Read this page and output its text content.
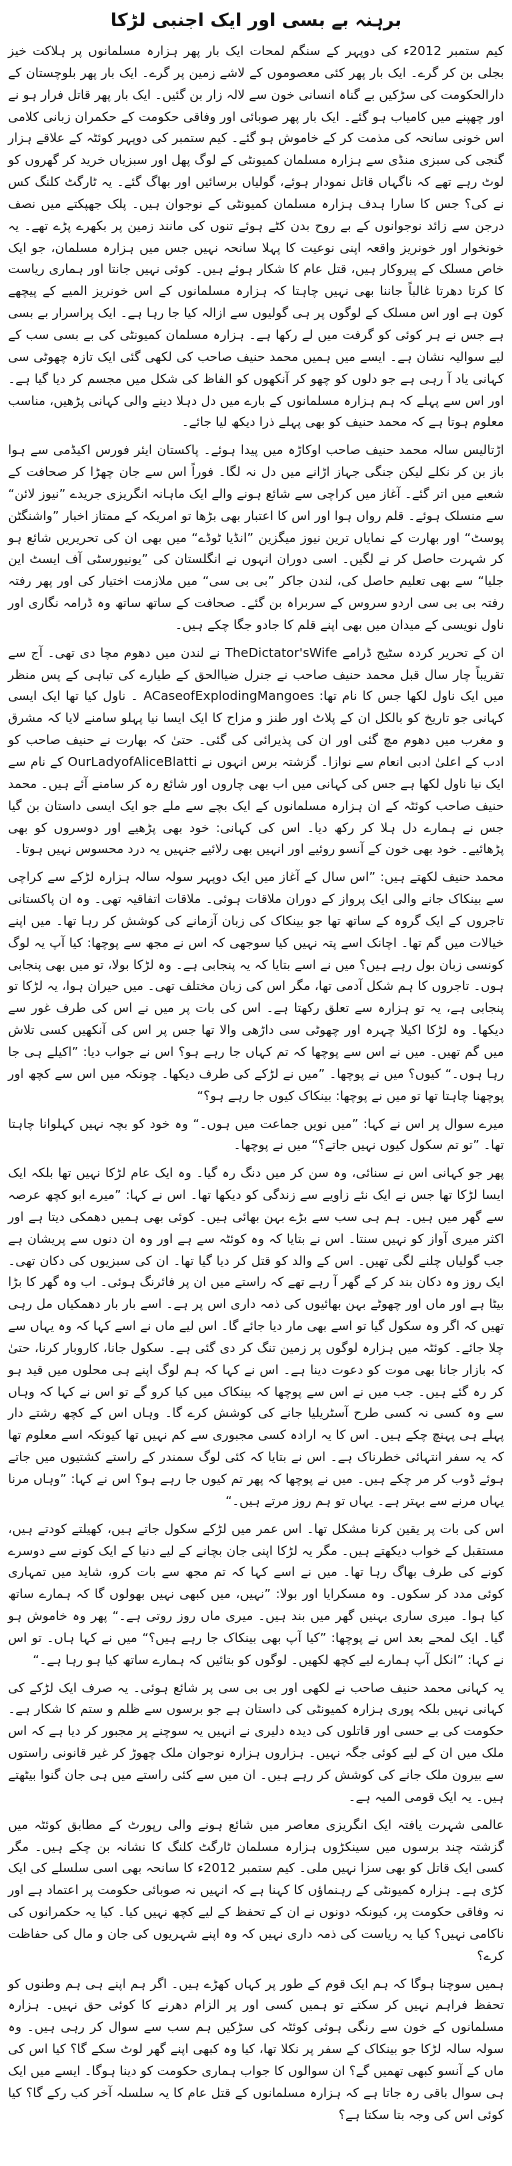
برہنہ بے بسی اور ایک اجنبی لڑکا

کیم ستمبر 2012ء کی دوپہر کے سنگم لمحات ایک بار پھر ہزارہ مسلمانوں پر ہلاکت خیز بجلی بن کر گرے۔ ایک بار پھر کئی معصوموں کے لاشے زمین پر گرے۔ ایک بار پھر بلوچستان کے دارالحکومت کی سڑکیں بے گناہ انسانی خون سے لالہ زار بن گئیں۔ ایک بار پھر قاتل فرار ہو نے اور چھپنے میں کامیاب ہو گئے۔ ایک بار پھر صوبائی اور وفاقی حکومت کے حکمران زبانی کلامی اس خونی سانحہ کی مذمت کر کے خاموش ہو گئے۔ کیم ستمبر کی دوپہر کوئٹہ کے علاقے ہزار گنجی کی سبزی منڈی سے ہزارہ مسلمان کمیونٹی کے لوگ پھل اور سبزیاں خرید کر گھروں کو لوٹ رہے تھے کہ ناگہاں قاتل نمودار ہوئے، گولیاں برسائیں اور بھاگ گئے۔ یہ ٹارگٹ کلنگ کس نے کی؟ جس کا سارا ہدف ہزارہ مسلمان کمیونٹی کے نوجوان ہیں۔ پلک جھپکتے میں نصف درجن سے زائد نوجوانوں کے بے روح بدن کٹے ہوئے تنوں کی مانند زمین پر بکھرے پڑے تھے۔ یہ خونخوار اور خونریز واقعہ اپنی نوعیت کا پہلا سانحہ نہیں جس میں ہزارہ مسلمان، جو ایک خاص مسلک کے پیروکار ہیں، قتل عام کا شکار ہوئے ہیں۔ کوئی نہیں جانتا اور ہماری ریاست کا کرتا دھرتا غالباً جاننا بھی نہیں چاہتا کہ ہزارہ مسلمانوں کے اس خونریز المیے کے پیچھے کون ہے اور اس مسلک کے لوگوں پر ہی گولیوں سے ازالہ کیا جا رہا ہے۔ ایک پراسرار بے بسی ہے جس نے ہر کوئی کو گرفت میں لے رکھا ہے۔ ہزارہ مسلمان کمیونٹی کی بے بسی سب کے لیے سوالیہ نشان ہے۔ ایسے میں ہمیں محمد حنیف صاحب کی لکھی گئی ایک تازہ چھوٹی سی کہانی یاد آ رہی ہے جو دلوں کو چھو کر آنکھوں کو الفاظ کی شکل میں مجسم کر دیا گیا ہے۔ اور اس سے پہلے کہ ہم ہزارہ مسلمانوں کے بارے میں دل دہلا دینے والی کہانی پڑھیں، مناسب معلوم ہوتا ہے کہ محمد حنیف کو بھی پہلے ذرا دیکھ لیا جائے۔

اڑتالیس سالہ محمد حنیف صاحب اوکاڑہ میں پیدا ہوئے۔ پاکستان ایئر فورس اکیڈمی سے ہوا باز بن کر نکلے لیکن جنگی جہاز اڑانے میں دل نہ لگا۔ فوراً اس سے جان چھڑا کر صحافت کے شعبے میں اتر گئے۔ آغاز میں کراچی سے شائع ہونے والے ایک ماہانہ انگریزی جریدے ”نیوز لائن“ سے منسلک ہوئے۔ قلم رواں ہوا اور اس کا اعتبار بھی بڑھا تو امریکہ کے ممتاز اخبار ”واشنگٹن پوسٹ“ اور بھارت کے نمایاں ترین نیوز میگزین ”انڈیا ٹوڈے“ میں بھی ان کی تحریریں شائع ہو کر شہرت حاصل کر نے لگیں۔ اسی دوران انہوں نے انگلستان کی ”یونیورسٹی آف ایسٹ این جلیا“ سے بھی تعلیم حاصل کی، لندن جاکر ”بی بی سی“ میں ملازمت اختیار کی اور پھر رفتہ رفتہ بی بی سی اردو سروس کے سربراہ بن گئے۔ صحافت کے ساتھ ساتھ وہ ڈرامہ نگاری اور ناول نویسی کے میدان میں بھی اپنے قلم کا جادو جگا چکے ہیں۔

ان کے تحریر کردہ سٹیج ڈرامے TheDictator'sWife نے لندن میں دھوم مچا دی تھی۔ آج سے تقریباً چار سال قبل محمد حنیف صاحب نے جنرل ضیاالحق کے طیارے کی تباہی کے پس منظر میں ایک ناول لکھا جس کا نام تھا: ACaseofExplodingMangoes ۔ ناول کیا تھا ایک ایسی کہانی جو تاریخ کو بالکل ان کے پلاٹ اور طنز و مزاح کا ایک ایسا نیا پہلو سامنے لایا کہ مشرق و مغرب میں دھوم مچ گئی اور ان کی پذیرائی کی گئی۔ حتیٰ کہ بھارت نے حنیف صاحب کو ادب کے اعلیٰ ادبی انعام سے نوازا۔ گزشتہ برس انہوں نے OurLadyofAliceBlatti کے نام سے ایک نیا ناول لکھا ہے جس کی کہانی میں اب بھی چاروں اور شائع رہ کر سامنے آئے ہیں۔ محمد حنیف صاحب کوئٹہ کے ان ہزارہ مسلمانوں کے ایک بچے سے ملے جو ایک ایسی داستان بن گیا جس نے ہمارے دل ہلا کر رکھ دیا۔ اس کی کہانی: خود بھی پڑھیے اور دوسروں کو بھی پڑھائیے۔ خود بھی خون کے آنسو روئیے اور انہیں بھی رلائیے جنہیں یہ درد محسوس نہیں ہوتا۔

محمد حنیف لکھتے ہیں: ”اس سال کے آغاز میں ایک دوپہر سولہ سالہ ہزارہ لڑکے سے کراچی سے بینکاک جانے والی ایک پرواز کے دوران ملاقات ہوئی۔ ملاقات اتفاقیہ تھی۔ وہ ان پاکستانی تاجروں کے ایک گروہ کے ساتھ تھا جو بینکاک کی زبان آزمانے کی کوشش کر رہا تھا۔ میں اپنے خیالات میں گم تھا۔ اچانک اسے پتہ نہیں کیا سوجھی کہ اس نے مجھ سے پوچھا: کیا آپ یہ لوگ کونسی زبان بول رہے ہیں؟ میں نے اسے بتایا کہ یہ پنجابی ہے۔ وہ لڑکا بولا، تو میں بھی پنجابی ہوں۔ تاجروں کا ہم شکل آدمی تھا، مگر اس کی زبان مختلف تھی۔ میں حیران ہوا، یہ لڑکا تو پنجابی ہے، یہ تو ہزارہ سے تعلق رکھتا ہے۔ اس کی بات پر میں نے اس کی طرف غور سے دیکھا۔ وہ لڑکا اکیلا چہرہ اور چھوٹی سی داڑھی والا تھا جس پر اس کی آنکھیں کسی تلاش میں گم تھیں۔ میں نے اس سے پوچھا کہ تم کہاں جا رہے ہو؟ اس نے جواب دیا: ”اکیلے ہی جا رہا ہوں۔“ کیوں؟ میں نے پوچھا۔ ”میں نے لڑکے کی طرف دیکھا۔ چونکہ میں اس سے کچھ اور پوچھنا چاہتا تھا تو میں نے پوچھا: بینکاک کیوں جا رہے ہو؟“

میرے سوال پر اس نے کہا: ”میں نویں جماعت میں ہوں۔“ وہ خود کو بچہ نہیں کہلوانا چاہتا تھا۔ ”تو تم سکول کیوں نہیں جاتے؟“ میں نے پوچھا۔

پھر جو کہانی اس نے سنائی، وہ سن کر میں دنگ رہ گیا۔ وہ ایک عام لڑکا نہیں تھا بلکہ ایک ایسا لڑکا تھا جس نے ایک نئے زاویے سے زندگی کو دیکھا تھا۔ اس نے کہا: ”میرے ابو کچھ عرصہ سے گھر میں ہیں۔ ہم ہی سب سے بڑے بہن بھائی ہیں۔ کوئی بھی ہمیں دھمکی دیتا ہے اور اکثر میری آواز کو نہیں سنتا۔ اس نے بتایا کہ وہ کوئٹہ سے ہے اور وہ ان دنوں سے پریشان ہے جب گولیاں چلنے لگی تھیں۔ اس کے والد کو قتل کر دیا گیا تھا۔ ان کی سبزیوں کی دکان تھی۔ ایک روز وہ دکان بند کر کے گھر آ رہے تھے کہ راستے میں ان پر فائرنگ ہوئی۔ اب وہ گھر کا بڑا بیٹا ہے اور ماں اور چھوٹے بہن بھائیوں کی ذمہ داری اس پر ہے۔ اسے بار بار دھمکیاں مل رہی تھیں کہ اگر وہ سکول گیا تو اسے بھی مار دیا جائے گا۔ اس لیے ماں نے اسے کہا کہ وہ یہاں سے چلا جائے۔ کوئٹہ میں ہزارہ لوگوں پر زمین تنگ کر دی گئی ہے۔ سکول جانا، کاروبار کرنا، حتیٰ کہ بازار جانا بھی موت کو دعوت دینا ہے۔ اس نے کہا کہ ہم لوگ اپنے ہی محلوں میں قید ہو کر رہ گئے ہیں۔ جب میں نے اس سے پوچھا کہ بینکاک میں کیا کرو گے تو اس نے کہا کہ وہاں سے وہ کسی نہ کسی طرح آسٹریلیا جانے کی کوشش کرے گا۔ وہاں اس کے کچھ رشتے دار پہلے ہی پہنچ چکے ہیں۔ اس کا یہ ارادہ کسی مجبوری سے کم نہیں تھا کیونکہ اسے معلوم تھا کہ یہ سفر انتہائی خطرناک ہے۔ اس نے بتایا کہ کئی لوگ سمندر کے راستے کشتیوں میں جاتے ہوئے ڈوب کر مر چکے ہیں۔ میں نے پوچھا کہ پھر تم کیوں جا رہے ہو؟ اس نے کہا: ”وہاں مرنا یہاں مرنے سے بہتر ہے۔ یہاں تو ہم روز مرتے ہیں۔“

اس کی بات پر یقین کرنا مشکل تھا۔ اس عمر میں لڑکے سکول جاتے ہیں، کھیلتے کودتے ہیں، مستقبل کے خواب دیکھتے ہیں۔ مگر یہ لڑکا اپنی جان بچانے کے لیے دنیا کے ایک کونے سے دوسرے کونے کی طرف بھاگ رہا تھا۔ میں نے اسے کہا کہ تم مجھ سے بات کرو، شاید میں تمہاری کوئی مدد کر سکوں۔ وہ مسکرایا اور بولا: ”نہیں، میں کبھی نہیں بھولوں گا کہ ہمارے ساتھ کیا ہوا۔ میری ساری بہنیں گھر میں بند ہیں۔ میری ماں روز روتی ہے۔“ پھر وہ خاموش ہو گیا۔ ایک لمحے بعد اس نے پوچھا: ”کیا آپ بھی بینکاک جا رہے ہیں؟“ میں نے کہا ہاں۔ تو اس نے کہا: ”انکل آپ ہمارے لیے کچھ لکھیں۔ لوگوں کو بتائیں کہ ہمارے ساتھ کیا ہو رہا ہے۔“

یہ کہانی محمد حنیف صاحب نے لکھی اور بی بی سی پر شائع ہوئی۔ یہ صرف ایک لڑکے کی کہانی نہیں بلکہ پوری ہزارہ کمیونٹی کی داستان ہے جو برسوں سے ظلم و ستم کا شکار ہے۔ حکومت کی بے حسی اور قاتلوں کی دیدہ دلیری نے انہیں یہ سوچنے پر مجبور کر دیا ہے کہ اس ملک میں ان کے لیے کوئی جگہ نہیں۔ ہزاروں ہزارہ نوجوان ملک چھوڑ کر غیر قانونی راستوں سے بیرون ملک جانے کی کوشش کر رہے ہیں۔ ان میں سے کئی راستے میں ہی جان گنوا بیٹھتے ہیں۔ یہ ایک قومی المیہ ہے۔

عالمی شہرت یافتہ ایک انگریزی معاصر میں شائع ہونے والی رپورٹ کے مطابق کوئٹہ میں گزشتہ چند برسوں میں سینکڑوں ہزارہ مسلمان ٹارگٹ کلنگ کا نشانہ بن چکے ہیں۔ مگر کسی ایک قاتل کو بھی سزا نہیں ملی۔ کیم ستمبر 2012ء کا سانحہ بھی اسی سلسلے کی ایک کڑی ہے۔ ہزارہ کمیونٹی کے رہنماؤں کا کہنا ہے کہ انہیں نہ صوبائی حکومت پر اعتماد ہے اور نہ وفاقی حکومت پر، کیونکہ دونوں نے ان کے تحفظ کے لیے کچھ نہیں کیا۔ کیا یہ حکمرانوں کی ناکامی نہیں؟ کیا یہ ریاست کی ذمہ داری نہیں کہ وہ اپنے شہریوں کی جان و مال کی حفاظت کرے؟

ہمیں سوچنا ہوگا کہ ہم ایک قوم کے طور پر کہاں کھڑے ہیں۔ اگر ہم اپنے ہی ہم وطنوں کو تحفظ فراہم نہیں کر سکتے تو ہمیں کسی اور پر الزام دھرنے کا کوئی حق نہیں۔ ہزارہ مسلمانوں کے خون سے رنگی ہوئی کوئٹہ کی سڑکیں ہم سب سے سوال کر رہی ہیں۔ وہ سولہ سالہ لڑکا جو بینکاک کے سفر پر نکلا تھا، کیا وہ کبھی اپنے گھر لوٹ سکے گا؟ کیا اس کی ماں کے آنسو کبھی تھمیں گے؟ ان سوالوں کا جواب ہماری حکومت کو دینا ہوگا۔ ایسے میں ایک ہی سوال باقی رہ جاتا ہے کہ ہزارہ مسلمانوں کے قتل عام کا یہ سلسلہ آخر کب رکے گا؟ کیا کوئی اس کی وجہ بتا سکتا ہے؟
